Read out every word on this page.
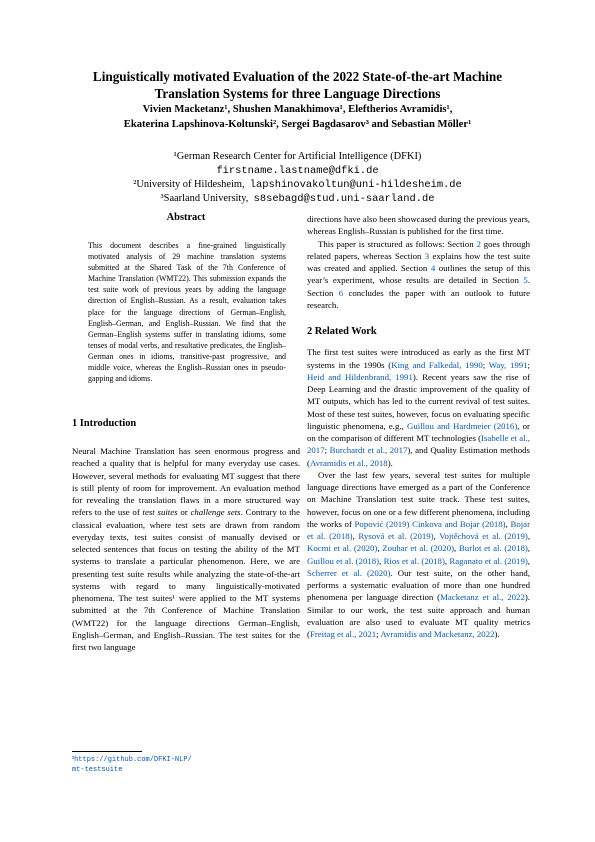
Linguistically motivated Evaluation of the 2022 State-of-the-art Machine
Translation Systems for three Language Directions
Vivien Macketanz¹, Shushen Manakhimova¹, Eleftherios Avramidis¹,
Ekaterina Lapshinova-Koltunski², Sergei Bagdasarov³ and Sebastian Möller¹
¹German Research Center for Artificial Intelligence (DFKI)
firstname.lastname@dfki.de
²University of Hildesheim, lapshinovakoltun@uni-hildesheim.de
³Saarland University, s8sebagd@stud.uni-saarland.de
Abstract
This document describes a fine-grained linguistically motivated analysis of 29 machine translation systems submitted at the Shared Task of the 7th Conference of Machine Translation (WMT22). This submission expands the test suite work of previous years by adding the language direction of English–Russian. As a result, evaluation takes place for the language directions of German–English, English–German, and English–Russian. We find that the German–English systems suffer in translating idioms, some tenses of modal verbs, and resultative predicates, the English–German ones in idioms, transitive-past progressive, and middle voice, whereas the English–Russian ones in pseudo-gapping and idioms.
1 Introduction

Neural Machine Translation has seen enormous progress and reached a quality that is helpful for many everyday use cases. However, several methods for evaluating MT suggest that there is still plenty of room for improvement. An evaluation method for revealing the translation flaws in a more structured way refers to the use of test suites or challenge sets. Contrary to the classical evaluation, where test sets are drawn from random everyday texts, test suites consist of manually devised or selected sentences that focus on testing the ability of the MT systems to translate a particular phenomenon. Here, we are presenting test suite results while analyzing the state-of-the-art systems with regard to many linguistically-motivated phenomena. The test suites¹ were applied to the MT systems submitted at the 7th Conference of Machine Translation (WMT22) for the language directions German–English, English–German, and English–Russian. The test suites for the first two language

¹https://github.com/DFKI-NLP/
mt-testsuite

directions have also been showcased during the previous years, whereas English–Russian is published for the first time.

This paper is structured as follows: Section 2 goes through related papers, whereas Section 3 explains how the test suite was created and applied. Section 4 outlines the setup of this year’s experiment, whose results are detailed in Section 5. Section 6 concludes the paper with an outlook to future research.

2 Related Work

The first test suites were introduced as early as the first MT systems in the 1990s (King and Falkedal, 1990; Way, 1991; Heid and Hildenbrand, 1991). Recent years saw the rise of Deep Learning and the drastic improvement of the quality of MT outputs, which has led to the current revival of test suites. Most of these test suites, however, focus on evaluating specific linguistic phenomena, e.g., Guillou and Hardmeier (2016), or on the comparison of different MT technologies (Isabelle et al., 2017; Burchardt et al., 2017), and Quality Estimation methods (Avramidis et al., 2018).

Over the last few years, several test suites for multiple language directions have emerged as a part of the Conference on Machine Translation test suite track. These test suites, however, focus on one or a few different phenomena, including the works of Popović (2019) Cinkova and Bojar (2018), Bojar et al. (2018), Rysová et al. (2019), Vojtěchová et al. (2019), Kocmi et al. (2020), Zouhar et al. (2020), Burlot et al. (2018), Guillou et al. (2018), Rios et al. (2018), Raganato et al. (2019), Scherrer et al. (2020). Our test suite, on the other hand, performs a systematic evaluation of more than one hundred phenomena per language direction (Macketanz et al., 2022). Similar to our work, the test suite approach and human evaluation are also used to evaluate MT quality metrics (Freitag et al., 2021; Avramidis and Macketanz, 2022).
